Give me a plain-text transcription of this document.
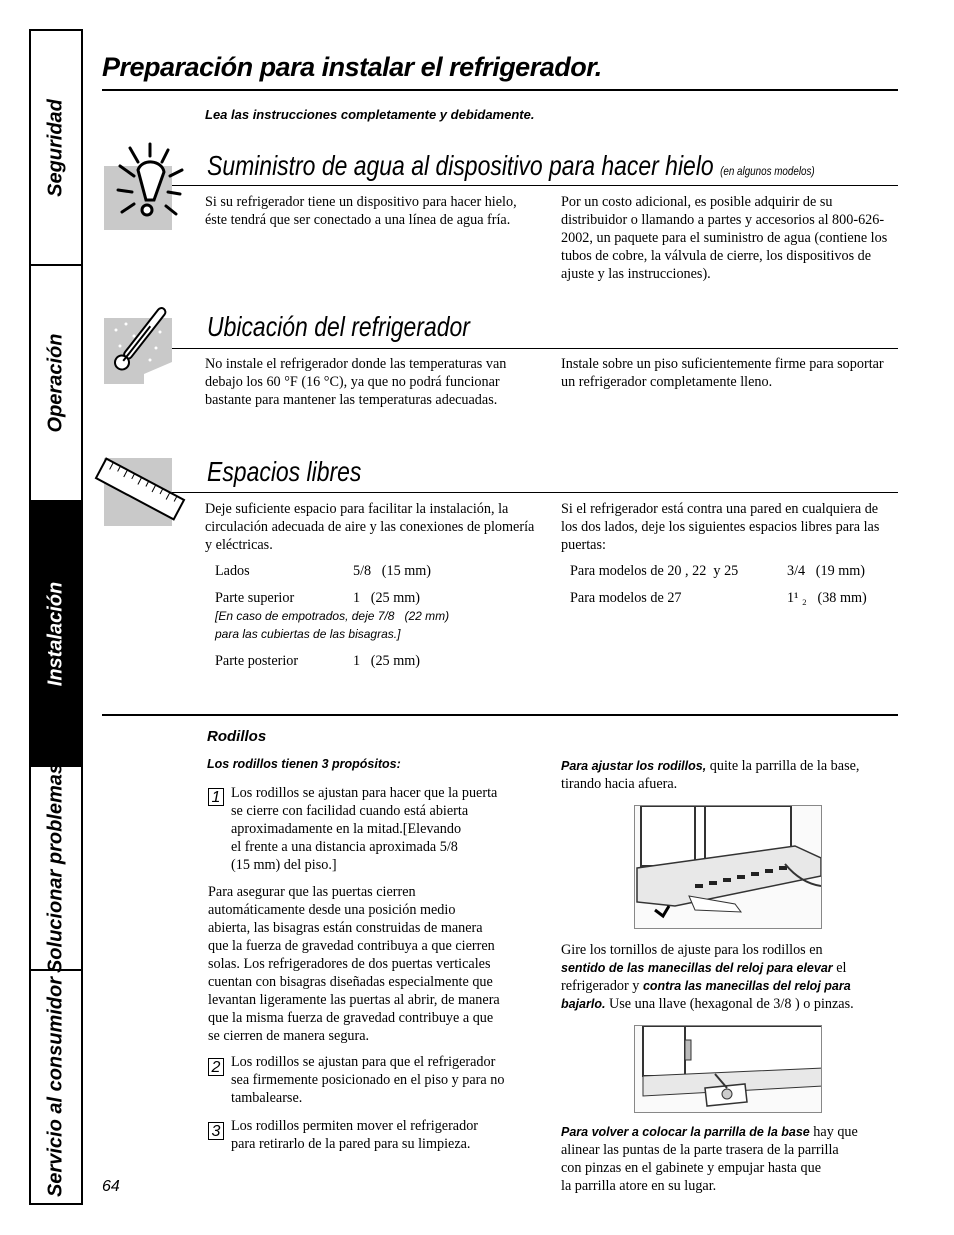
Seguridad
Operación
Instalación
Solucionar problemas
Servicio al consumidor
Preparación para instalar el refrigerador.
Lea las instrucciones completamente y debidamente.
Suministro de agua al dispositivo para hacer hielo (en algunos modelos)
Si su refrigerador tiene un dispositivo para hacer hielo, éste tendrá que ser conectado a una línea de agua fría.
Por un costo adicional, es posible adquirir de su distribuidor o llamando a partes y accesorios al 800-626-2002, un paquete para el suministro de agua (contiene los tubos de cobre, la válvula de cierre, los dispositivos de ajuste y las instrucciones).
Ubicación del refrigerador
No instale el refrigerador donde las temperaturas van debajo los 60 °F (16 °C), ya que no podrá funcionar bastante para mantener las temperaturas adecuadas.
Instale sobre un piso suficientemente firme para soportar un refrigerador completamente lleno.
Espacios libres
Deje suficiente espacio para facilitar la instalación, la circulación adecuada de aire y las conexiones de plomería y eléctricas.
Si el refrigerador está contra una pared en cualquiera de los dos lados, deje los siguientes espacios libres para las puertas:
Lados	5/8   (15 mm)
Parte superior	1   (25 mm)
[En caso de empotrados, deje 7/8   (22 mm)
para las cubiertas de las bisagras.]
Parte posterior	1   (25 mm)
Para modelos de 20 , 22  y 25	3/4   (19 mm)
Para modelos de 27	1¹ ₂   (38 mm)
Rodillos
Los rodillos tienen 3 propósitos:
1 Los rodillos se ajustan para hacer que la puerta
se cierre con facilidad cuando está abierta
aproximadamente en la mitad.[Elevando
el frente a una distancia aproximada 5/8
(15 mm) del piso.]
Para asegurar que las puertas cierren
automáticamente desde una posición medio
abierta, las bisagras están construidas de manera
que la fuerza de gravedad contribuya a que cierren
solas. Los refrigeradores de dos puertas verticales
cuentan con bisagras diseñadas especialmente que
levantan ligeramente las puertas al abrir, de manera
que la misma fuerza de gravedad contribuye a que
se cierren de manera segura.
2 Los rodillos se ajustan para que el refrigerador
sea firmemente posicionado en el piso y para no
tambalearse.
3 Los rodillos permiten mover el refrigerador
para retirarlo de la pared para su limpieza.
Para ajustar los rodillos, quite la parrilla de la base,
tirando hacia afuera.
Gire los tornillos de ajuste para los rodillos en
sentido de las manecillas del reloj para elevar el
refrigerador y contra las manecillas del reloj para
bajarlo. Use una llave (hexagonal de 3/8 ) o pinzas.
Para volver a colocar la parrilla de la base hay que
alinear las puntas de la parte trasera de la parrilla
con pinzas en el gabinete y empujar hasta que
la parrilla atore en su lugar.
64
